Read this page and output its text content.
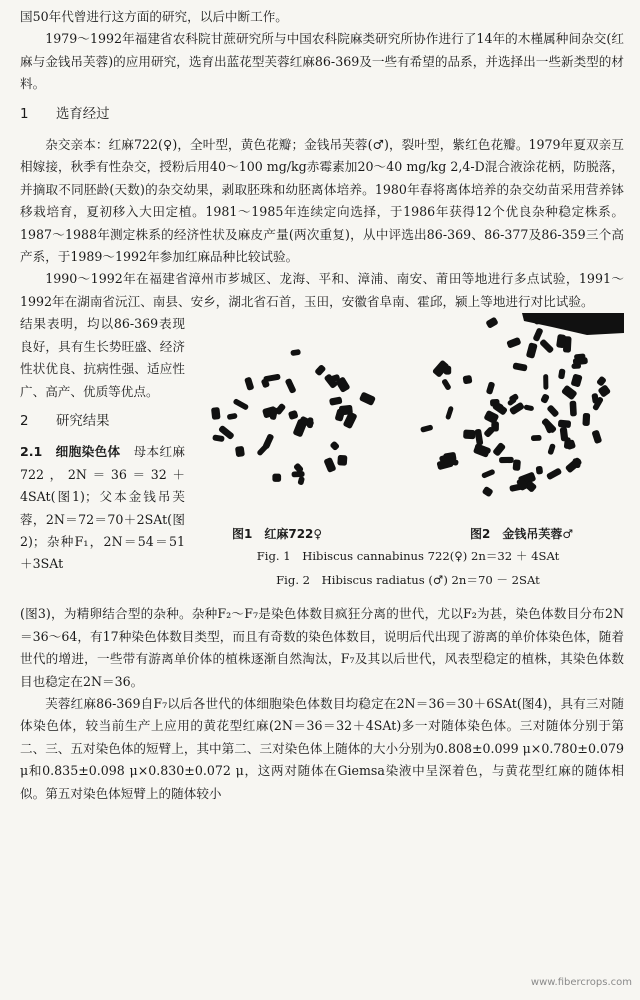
国50年代曾进行这方面的研究，以后中断工作。

1979～1992年福建省农科院甘蔗研究所与中国农科院麻类研究所协作进行了14年的木槿属种间杂交(红麻与金钱吊芙蓉)的应用研究，选育出蓝花型芙蓉红麻86-369及一些有希望的品系，并选择出一些新类型的材料。

1 选育经过

杂交亲本：红麻722(♀)，全叶型，黄色花瓣；金钱吊芙蓉(♂)，裂叶型，紫红色花瓣。1979年夏双亲互相嫁接，秋季有性杂交，授粉后用40～100 mg/kg赤霉素加20～40 mg/kg 2,4-D混合液涂花柄，防脱落，并摘取不同胚龄(天数)的杂交幼果，剥取胚珠和幼胚离体培养。1980年春将离体培养的杂交幼苗采用营养钵移栽培育，夏初移入大田定植。1981～1985年连续定向选择，于1986年获得12个优良杂种稳定株系。1987～1988年测定株系的经济性状及麻皮产量(两次重复)，从中评选出86-369、86-377及86-359三个高产系，于1989～1992年参加红麻品种比较试验。

1990～1992年在福建省漳州市芗城区、龙海、平和、漳浦、南安、莆田等地进行多点试验，1991～1992年在湖南省沅江、南县、安乡，湖北省石首，玉田，安徽省阜南、霍邱，颍上等地进行对比试验。

结果表明，均以86-369表现良好，具有生长势旺盛、经济性状优良、抗病性强、适应性广、高产、优质等优点。

2 研究结果

2.1　细胞染色体　 母本红麻722，2N＝36＝32＋4SAt(图1)；父本金钱吊芙蓉，2N＝72＝70＋2SAt(图2)；杂种F₁，2N＝54＝51＋3SAt

图1　红麻722♀	图2　金钱吊芙蓉♂
Fig. 1　Hibiscus cannabinus 722(♀) 2n＝32 ＋ 4SAt
Fig. 2　Hibiscus radiatus (♂) 2n＝70 － 2SAt

(图3)，为精卵结合型的杂种。杂种F₂～F₇是染色体数目疯狂分离的世代，尤以F₂为甚，染色体数目分布2N＝36～64，有17种染色体数目类型，而且有奇数的染色体数目，说明后代出现了游离的单价体染色体，随着世代的增进，一些带有游离单价体的植株逐渐自然淘汰，F₇及其以后世代，风表型稳定的植株，其染色体数目也稳定在2N＝36。

芙蓉红麻86-369自F₇以后各世代的体细胞染色体数目均稳定在2N＝36＝30＋6SAt(图4)，具有三对随体染色体，较当前生产上应用的黄花型红麻(2N＝36＝32＋4SAt)多一对随体染色体。三对随体分别于第二、三、五对染色体的短臂上，其中第二、三对染色体上随体的大小分别为0.808±0.099 μ×0.780±0.079 μ和0.835±0.098 μ×0.830±0.072 μ，这两对随体在Giemsa染液中呈深着色，与黄花型红麻的随体相似。第五对染色体短臂上的随体较小

www.fibercrops.com
